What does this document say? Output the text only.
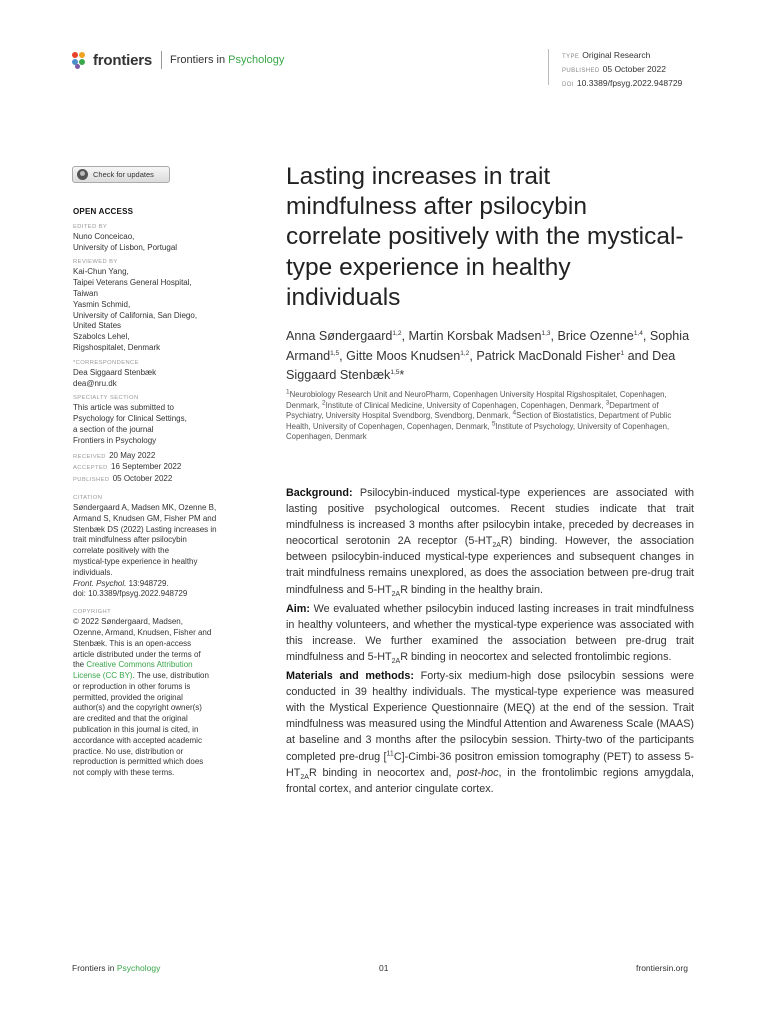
frontiers Frontiers in Psychology	TYPE Original Research
PUBLISHED 05 October 2022
DOI 10.3389/fpsyg.2022.948729
Check for updates
OPEN ACCESS
EDITED BY
Nuno Conceicao,
University of Lisbon, Portugal
REVIEWED BY
Kai-Chun Yang,
Taipei Veterans General Hospital,
Taiwan
Yasmin Schmid,
University of California, San Diego,
United States
Szabolcs Lehel,
Rigshospitalet, Denmark
*CORRESPONDENCE
Dea Siggaard Stenbæk
dea@nru.dk
SPECIALTY SECTION
This article was submitted to
Psychology for Clinical Settings,
a section of the journal
Frontiers in Psychology
RECEIVED 20 May 2022
ACCEPTED 16 September 2022
PUBLISHED 05 October 2022
CITATION
Søndergaard A, Madsen MK, Ozenne B,
Armand S, Knudsen GM, Fisher PM and
Stenbæk DS (2022) Lasting increases in
trait mindfulness after psilocybin
correlate positively with the
mystical-type experience in healthy
individuals.
Front. Psychol. 13:948729.
doi: 10.3389/fpsyg.2022.948729
COPYRIGHT
© 2022 Søndergaard, Madsen,
Ozenne, Armand, Knudsen, Fisher and
Stenbæk. This is an open-access
article distributed under the terms of
the Creative Commons Attribution
License (CC BY). The use, distribution
or reproduction in other forums is
permitted, provided the original
author(s) and the copyright owner(s)
are credited and that the original
publication in this journal is cited, in
accordance with accepted academic
practice. No use, distribution or
reproduction is permitted which does
not comply with these terms.
Lasting increases in trait mindfulness after psilocybin correlate positively with the mystical-type experience in healthy individuals
Anna Søndergaard$^{1,2}$, Martin Korsbak Madsen$^{1,3}$, Brice Ozenne$^{1,4}$, Sophia Armand$^{1,5}$, Gitte Moos Knudsen$^{1,2}$, Patrick MacDonald Fisher$^1$ and Dea Siggaard Stenbæk$^{1,5}$*
$^1$Neurobiology Research Unit and NeuroPharm, Copenhagen University Hospital Rigshospitalet, Copenhagen, Denmark, $^2$Institute of Clinical Medicine, University of Copenhagen, Copenhagen, Denmark, $^3$Department of Psychiatry, University Hospital Svendborg, Svendborg, Denmark, $^4$Section of Biostatistics, Department of Public Health, University of Copenhagen, Copenhagen, Denmark, $^5$Institute of Psychology, University of Copenhagen, Copenhagen, Denmark

Background: Psilocybin-induced mystical-type experiences are associated with lasting positive psychological outcomes. Recent studies indicate that trait mindfulness is increased 3 months after psilocybin intake, preceded by decreases in neocortical serotonin 2A receptor $(5-HT_{2A}R)$ binding. However, the association between psilocybin-induced mystical-type experiences and subsequent changes in trait mindfulness remains unexplored, as does the association between pre-drug trait mindfulness and $5-HT_{2A}R$ binding in the healthy brain.

Aim: We evaluated whether psilocybin induced lasting increases in trait mindfulness in healthy volunteers, and whether the mystical-type experience was associated with this increase. We further examined the association between pre-drug trait mindfulness and $5-HT_{2A}R$ binding in neocortex and selected frontolimbic regions.

Materials and methods: Forty-six medium-high dose psilocybin sessions were conducted in 39 healthy individuals. The mystical-type experience was measured with the Mystical Experience Questionnaire (MEQ) at the end of the session. Trait mindfulness was measured using the Mindful Attention and Awareness Scale (MAAS) at baseline and 3 months after the psilocybin session. Thirty-two of the participants completed pre-drug [$^{11}$C]-Cimbi-36 positron emission tomography (PET) to assess $5-HT_{2A}R$ binding in neocortex and, post-hoc, in the frontolimbic regions amygdala, frontal cortex, and anterior cingulate cortex.

Frontiers in Psychology	01	frontiersin.org
